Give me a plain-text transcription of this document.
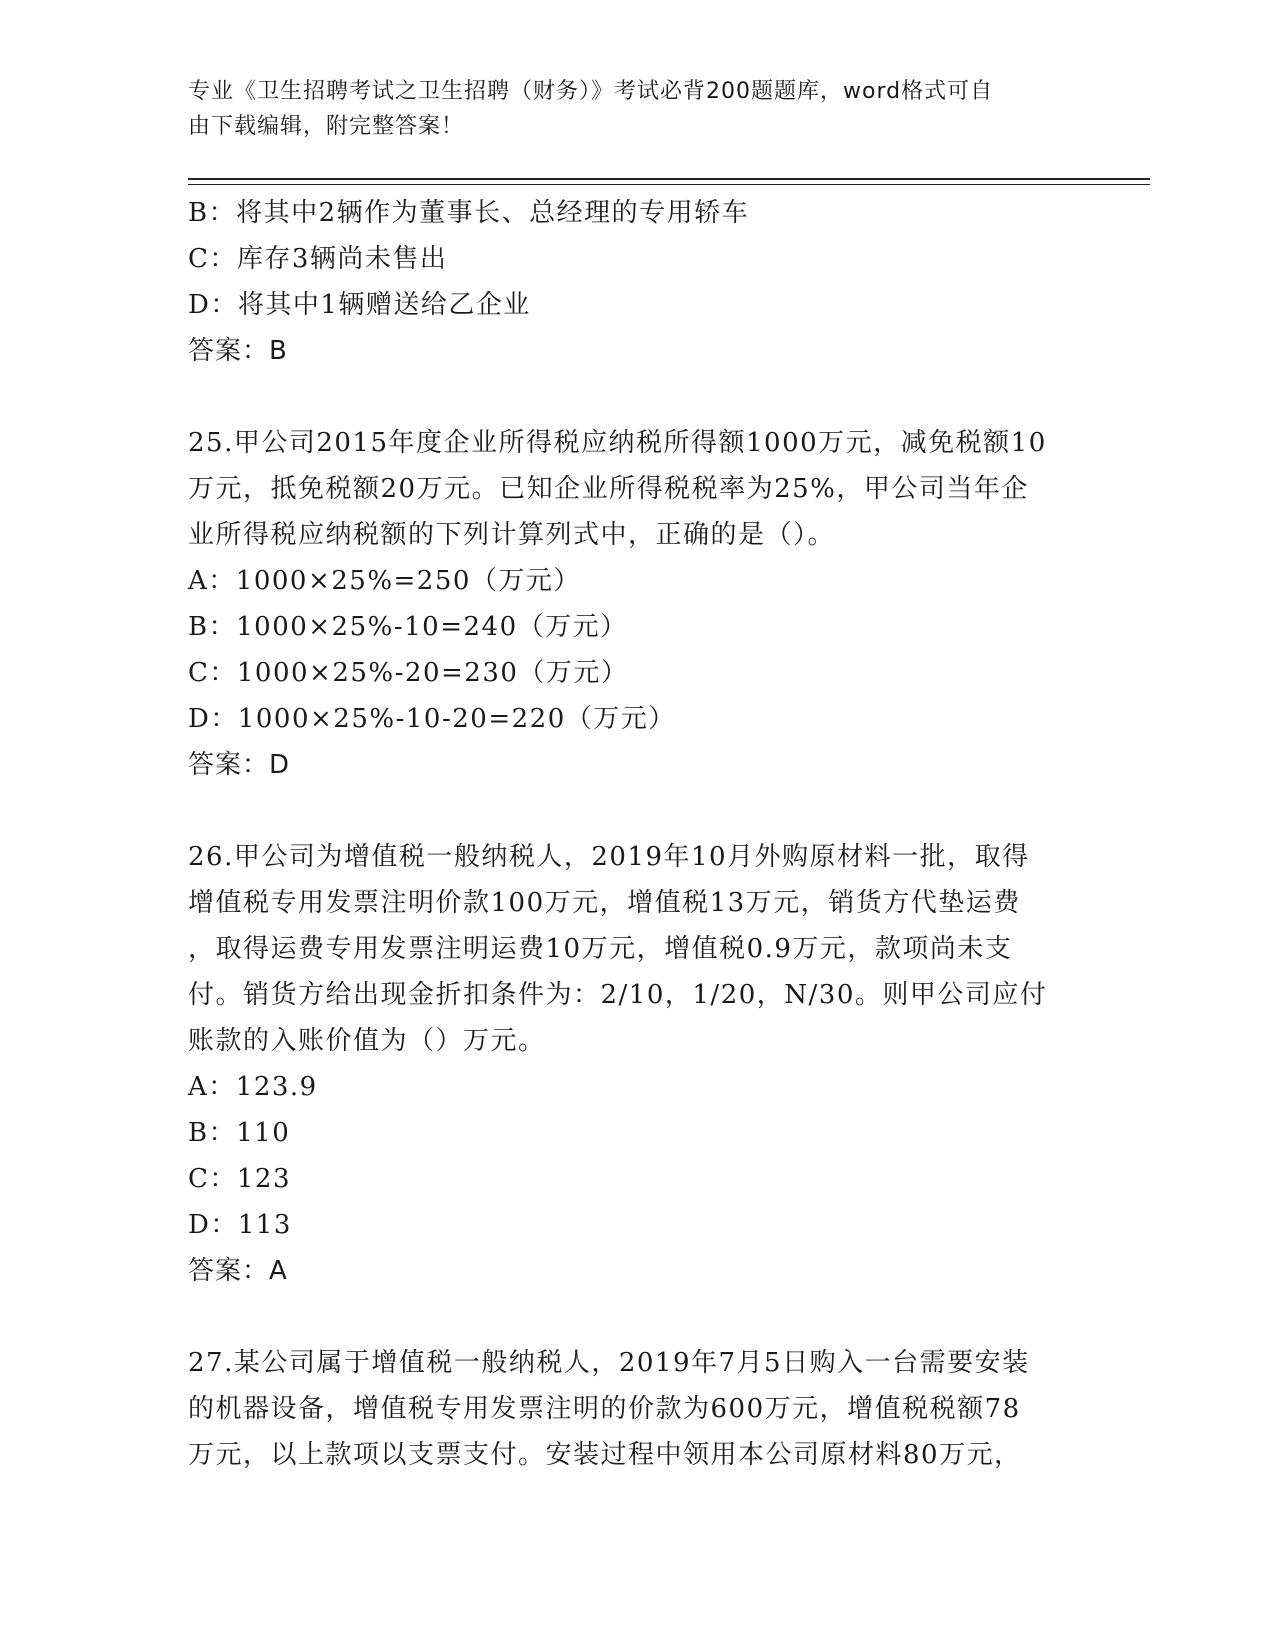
专业《卫生招聘考试之卫生招聘（财务）》考试必背200题题库，word格式可自
由下载编辑，附完整答案！
B：将其中2辆作为董事长、总经理的专用轿车
C：库存3辆尚未售出
D：将其中1辆赠送给乙企业
答案：B
25.甲公司2015年度企业所得税应纳税所得额1000万元，减免税额10
万元，抵免税额20万元。已知企业所得税税率为25%，甲公司当年企
业所得税应纳税额的下列计算列式中，正确的是（）。
A：1000×25%=250（万元）
B：1000×25%-10=240（万元）
C：1000×25%-20=230（万元）
D：1000×25%-10-20=220（万元）
答案：D
26.甲公司为增值税一般纳税人，2019年10月外购原材料一批，取得
增值税专用发票注明价款100万元，增值税13万元，销货方代垫运费
，取得运费专用发票注明运费10万元，增值税0.9万元，款项尚未支
付。销货方给出现金折扣条件为：2/10，1/20，N/30。则甲公司应付
账款的入账价值为（）万元。
A：123.9
B：110
C：123
D：113
答案：A
27.某公司属于增值税一般纳税人，2019年7月5日购入一台需要安装
的机器设备，增值税专用发票注明的价款为600万元，增值税税额78
万元，以上款项以支票支付。安装过程中领用本公司原材料80万元，
